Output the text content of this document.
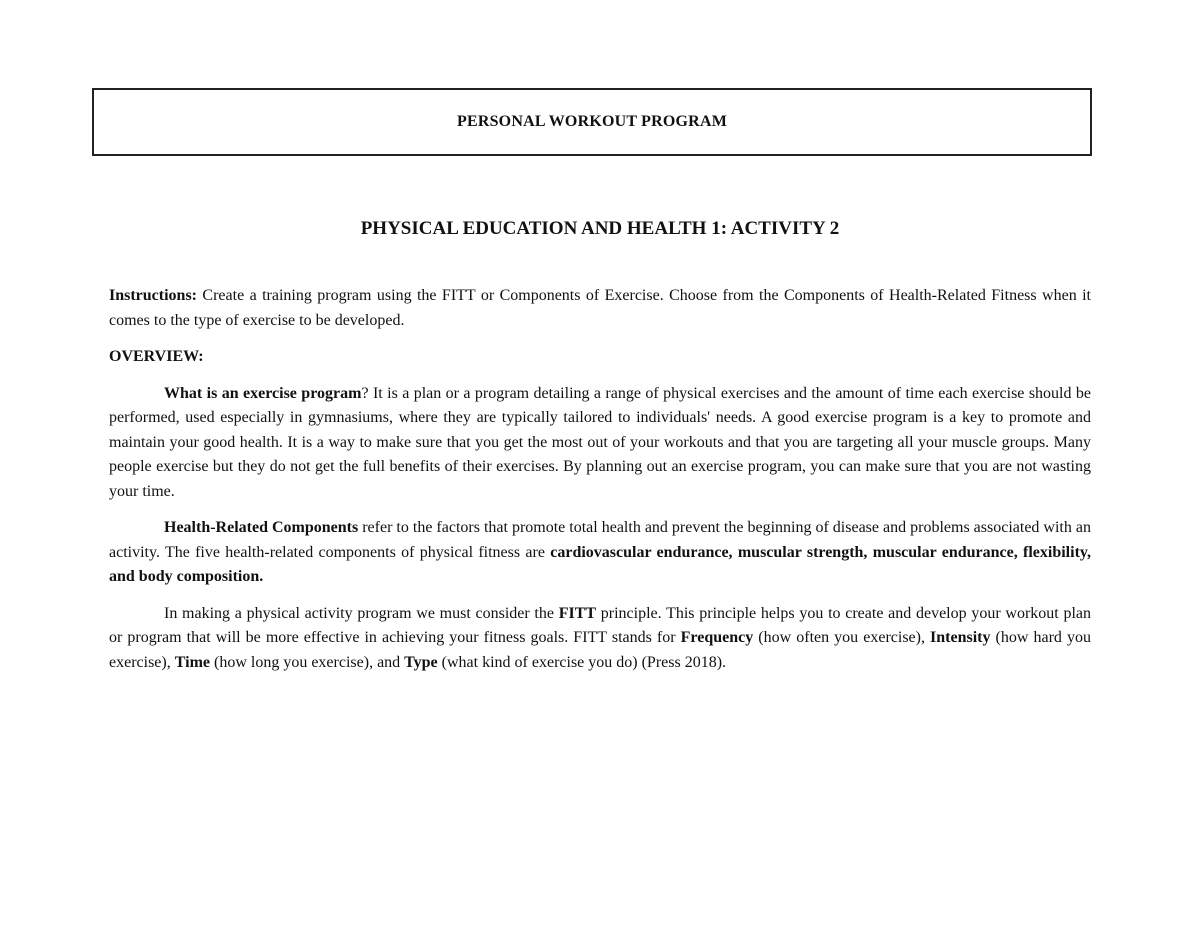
PERSONAL WORKOUT PROGRAM
PHYSICAL EDUCATION AND HEALTH 1: ACTIVITY 2

Instructions: Create a training program using the FITT or Components of Exercise. Choose from the Components of Health-Related Fitness when it comes to the type of exercise to be developed.

OVERVIEW:

What is an exercise program? It is a plan or a program detailing a range of physical exercises and the amount of time each exercise should be performed, used especially in gymnasiums, where they are typically tailored to individuals' needs. A good exercise program is a key to promote and maintain your good health. It is a way to make sure that you get the most out of your workouts and that you are targeting all your muscle groups. Many people exercise but they do not get the full benefits of their exercises. By planning out an exercise program, you can make sure that you are not wasting your time.

Health-Related Components refer to the factors that promote total health and prevent the beginning of disease and problems associated with an activity. The five health-related components of physical fitness are cardiovascular endurance, muscular strength, muscular endurance, flexibility, and body composition.

In making a physical activity program we must consider the FITT principle. This principle helps you to create and develop your workout plan or program that will be more effective in achieving your fitness goals. FITT stands for Frequency (how often you exercise), Intensity (how hard you exercise), Time (how long you exercise), and Type (what kind of exercise you do) (Press 2018).
